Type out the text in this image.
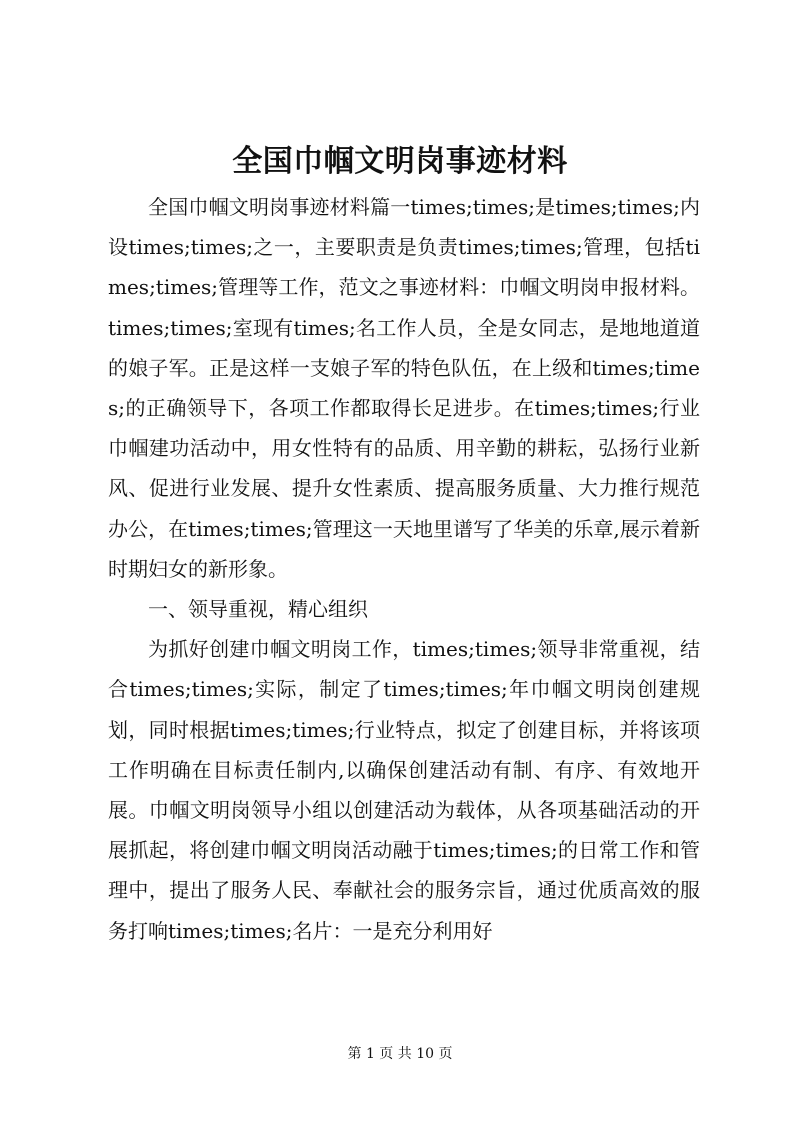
全国巾帼文明岗事迹材料

全国巾帼文明岗事迹材料篇一times;times;是times;times;内设times;times;之一，主要职责是负责times;times;管理，包括times;times;管理等工作，范文之事迹材料：巾帼文明岗申报材料。times;times;室现有times;名工作人员，全是女同志，是地地道道的娘子军。正是这样一支娘子军的特色队伍，在上级和times;times;的正确领导下，各项工作都取得长足进步。在times;times;行业巾帼建功活动中，用女性特有的品质、用辛勤的耕耘，弘扬行业新风、促进行业发展、提升女性素质、提高服务质量、大力推行规范办公，在times;times;管理这一天地里谱写了华美的乐章,展示着新时期妇女的新形象。

一、领导重视，精心组织

为抓好创建巾帼文明岗工作，times;times;领导非常重视，结合times;times;实际，制定了times;times;年巾帼文明岗创建规划，同时根据times;times;行业特点，拟定了创建目标，并将该项工作明确在目标责任制内,以确保创建活动有制、有序、有效地开展。巾帼文明岗领导小组以创建活动为载体，从各项基础活动的开展抓起，将创建巾帼文明岗活动融于times;times;的日常工作和管理中，提出了服务人民、奉献社会的服务宗旨，通过优质高效的服务打响times;times;名片：一是充分利用好

第 1 页 共 10 页
